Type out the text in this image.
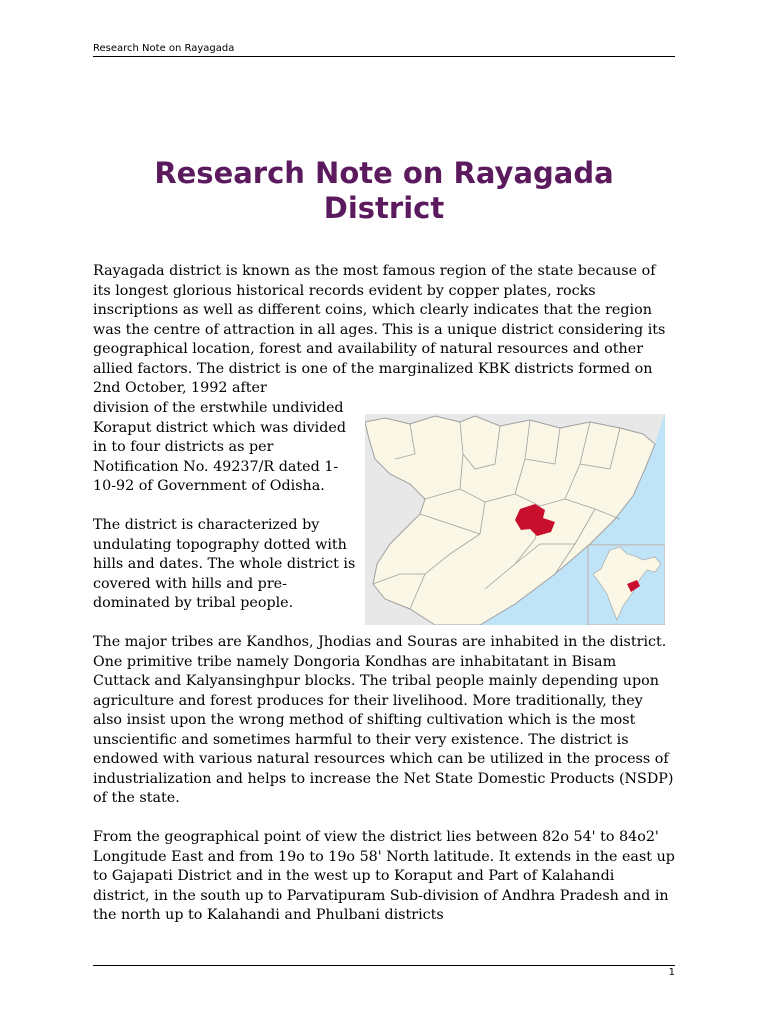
Research Note on Rayagada
Research Note on Rayagada District

Rayagada district is known as the most famous region of the state because of its longest glorious historical records evident by copper plates, rocks inscriptions as well as different coins, which clearly indicates that the region was the centre of attraction in all ages. This is a unique district considering its geographical location, forest and availability of natural resources and other allied factors. The district is one of the marginalized KBK districts formed on 2nd October, 1992 after

division of the erstwhile undivided Koraput district which was divided in to four districts as per Notification No. 49237/R dated 1-10-92 of Government of Odisha.

The district is characterized by undulating topography dotted with hills and dates. The whole district is covered with hills and pre-dominated by tribal people.

The major tribes are Kandhos, Jhodias and Souras are inhabited in the district. One primitive tribe namely Dongoria Kondhas are inhabitatant in Bisam Cuttack and Kalyansinghpur blocks. The tribal people mainly depending upon agriculture and forest produces for their livelihood. More traditionally, they also insist upon the wrong method of shifting cultivation which is the most unscientific and sometimes harmful to their very existence. The district is endowed with various natural resources which can be utilized in the process of industrialization and helps to increase the Net State Domestic Products (NSDP) of the state.

From the geographical point of view the district lies between 82o 54' to 84o2' Longitude East and from 19o to 19o 58' North latitude. It extends in the east up to Gajapati District and in the west up to Koraput and Part of Kalahandi district, in the south up to Parvatipuram Sub-division of Andhra Pradesh and in the north up to Kalahandi and Phulbani districts

1
